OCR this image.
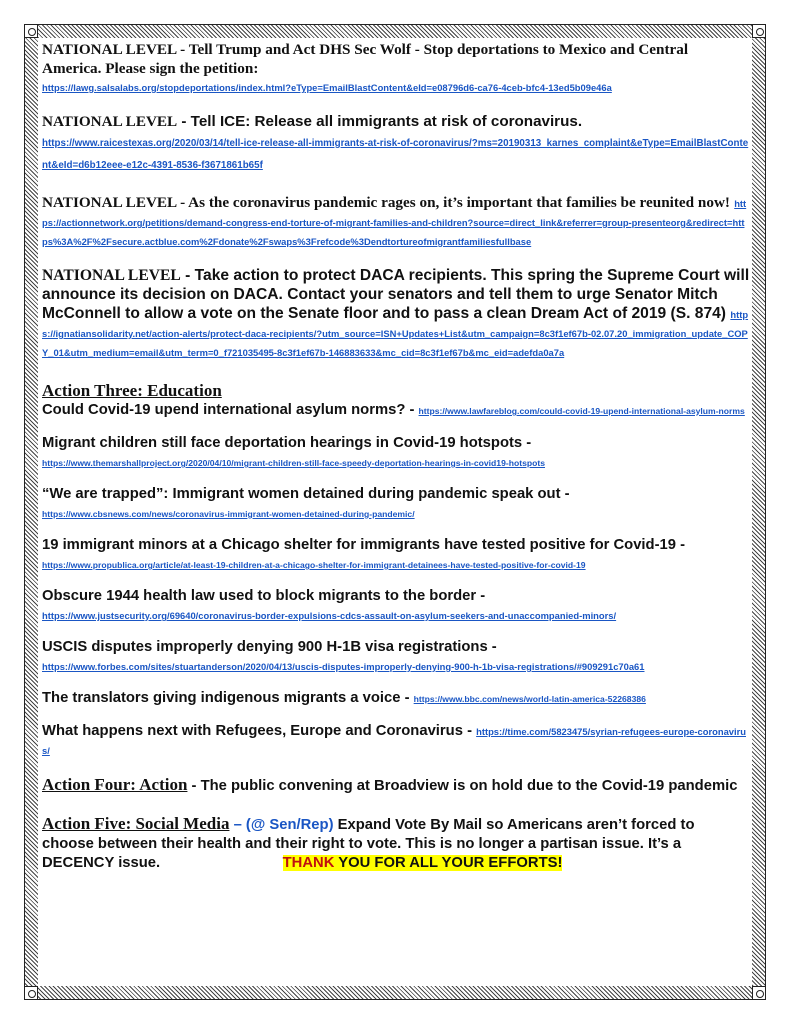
NATIONAL LEVEL - Tell Trump and Act DHS Sec Wolf - Stop deportations to Mexico and Central America. Please sign the petition:
https://lawg.salsalabs.org/stopdeportations/index.html?eType=EmailBlastContent&eId=e08796d6-ca76-4ceb-bfc4-13ed5b09e46a
NATIONAL LEVEL - Tell ICE: Release all immigrants at risk of coronavirus.
https://www.raicestexas.org/2020/03/14/tell-ice-release-all-immigrants-at-risk-of-coronavirus/?ms=20190313_karnes_complaint&eType=EmailBlastContent&eId=d6b12eee-e12c-4391-8536-f3671861b65f
NATIONAL LEVEL - As the coronavirus pandemic rages on, it’s important that families be reunited now! https://actionnetwork.org/petitions/demand-congress-end-torture-of-migrant-families-and-children?source=direct_link&referrer=group-presenteorg&redirect=https%3A%2F%2Fsecure.actblue.com%2Fdonate%2Fswaps%3Frefcode%3Dendtortureofmigrantfamiliesfullbase
NATIONAL LEVEL - Take action to protect DACA recipients. This spring the Supreme Court will announce its decision on DACA. Contact your senators and tell them to urge Senator Mitch McConnell to allow a vote on the Senate floor and to pass a clean Dream Act of 2019 (S. 874) https://ignatiansolidarity.net/action-alerts/protect-daca-recipients/?utm_source=ISN+Updates+List&utm_campaign=8c3f1ef67b-02.07.20_immigration_update_COPY_01&utm_medium=email&utm_term=0_f721035495-8c3f1ef67b-146883633&mc_cid=8c3f1ef67b&mc_eid=adefda0a7a
Action Three: Education
Could Covid-19 upend international asylum norms? - https://www.lawfareblog.com/could-covid-19-upend-international-asylum-norms
Migrant children still face deportation hearings in Covid-19 hotspots -
https://www.themarshallproject.org/2020/04/10/migrant-children-still-face-speedy-deportation-hearings-in-covid19-hotspots
“We are trapped”: Immigrant women detained during pandemic speak out -
https://www.cbsnews.com/news/coronavirus-immigrant-women-detained-during-pandemic/
19 immigrant minors at a Chicago shelter for immigrants have tested positive for Covid-19 -
https://www.propublica.org/article/at-least-19-children-at-a-chicago-shelter-for-immigrant-detainees-have-tested-positive-for-covid-19
Obscure 1944 health law used to block migrants to the border -
https://www.justsecurity.org/69640/coronavirus-border-expulsions-cdcs-assault-on-asylum-seekers-and-unaccompanied-minors/
USCIS disputes improperly denying 900 H-1B visa registrations -
https://www.forbes.com/sites/stuartanderson/2020/04/13/uscis-disputes-improperly-denying-900-h-1b-visa-registrations/#909291c70a61
The translators giving indigenous migrants a voice - https://www.bbc.com/news/world-latin-america-52268386
What happens next with Refugees, Europe and Coronavirus - https://time.com/5823475/syrian-refugees-europe-coronavirus/
Action Four: Action - The public convening at Broadview is on hold due to the Covid-19 pandemic
Action Five: Social Media – (@ Sen/Rep) Expand Vote By Mail so Americans aren’t forced to choose between their health and their right to vote. This is no longer a partisan issue. It’s a DECENCY issue.	THANK YOU FOR ALL YOUR EFFORTS!
